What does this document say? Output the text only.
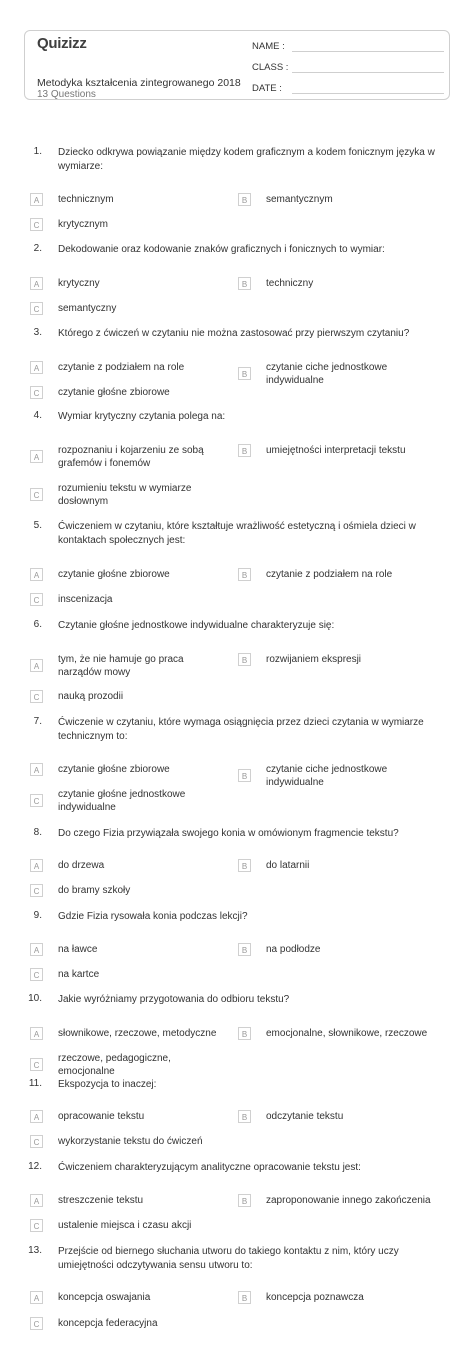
Quizizz
Metodyka kształcenia zintegrowanego 2018
13 Questions
NAME :
CLASS :
DATE :
1. Dziecko odkrywa powiązanie między kodem graficznym a kodem fonicznym języka w wymiarze:
A	technicznym	B	semantycznym
C	krytycznym
2. Dekodowanie oraz kodowanie znaków graficznych i fonicznych to wymiar:
A	krytyczny	B	techniczny
C	semantyczny
3. Którego z ćwiczeń w czytaniu nie można zastosować przy pierwszym czytaniu?
A	czytanie z podziałem na role
B
czytanie ciche jednostkowe indywidualne
C	czytanie głośne zbiorowe
4. Wymiar krytyczny czytania polega na:
A
rozpoznaniu i kojarzeniu ze sobą grafemów i fonemów
B	umiejętności interpretacji tekstu
C
rozumieniu tekstu w wymiarze dosłownym
5. Ćwiczeniem w czytaniu, które kształtuje wrażliwość estetyczną i ośmiela dzieci w kontaktach społecznych jest:
A	czytanie głośne zbiorowe	B	czytanie z podziałem na role
C	inscenizacja
6. Czytanie głośne jednostkowe indywidualne charakteryzuje się:
A
tym, że nie hamuje go praca narządów mowy
B	rozwijaniem ekspresji
C	nauką prozodii
7. Ćwiczenie w czytaniu, które wymaga osiągnięcia przez dzieci czytania w wymiarze technicznym to:
A	czytanie głośne zbiorowe
B
czytanie ciche jednostkowe indywidualne
C
czytanie głośne jednostkowe indywidualne
8. Do czego Fizia przywiązała swojego konia w omówionym fragmencie tekstu?
A	do drzewa	B	do latarnii
C	do bramy szkoły
9. Gdzie Fizia rysowała konia podczas lekcji?
A	na ławce	B	na podłodze
C	na kartce
10. Jakie wyróżniamy przygotowania do odbioru tekstu?
A	słownikowe, rzeczowe, metodyczne	B	emocjonalne, słownikowe, rzeczowe
C
rzeczowe, pedagogiczne, emocjonalne
11. Ekspozycja to inaczej:
A	opracowanie tekstu	B	odczytanie tekstu
C	wykorzystanie tekstu do ćwiczeń
12. Ćwiczeniem charakteryzującym analityczne opracowanie tekstu jest:
A	streszczenie tekstu	B	zaproponowanie innego zakończenia
C	ustalenie miejsca i czasu akcji
13. Przejście od biernego słuchania utworu do takiego kontaktu z nim, który uczy umiejętności odczytywania sensu utworu to:
A	koncepcja oswajania	B	koncepcja poznawcza
C	koncepcja federacyjna
